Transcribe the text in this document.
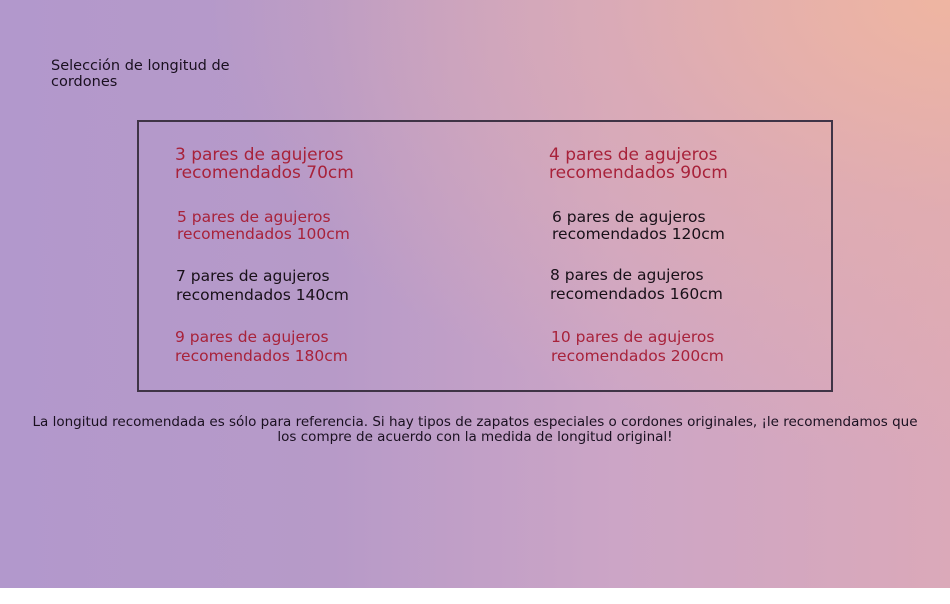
Selección de longitud de cordones
3 pares de agujeros
recomendados 70cm
4 pares de agujeros
recomendados 90cm
5 pares de agujeros
recomendados 100cm
6 pares de agujeros
recomendados 120cm
7 pares de agujeros
recomendados 140cm
8 pares de agujeros
recomendados 160cm
9 pares de agujeros
recomendados 180cm
10 pares de agujeros
recomendados 200cm
La longitud recomendada es sólo para referencia. Si hay tipos de zapatos especiales o cordones originales, ¡le recomendamos que
los compre de acuerdo con la medida de longitud original!
